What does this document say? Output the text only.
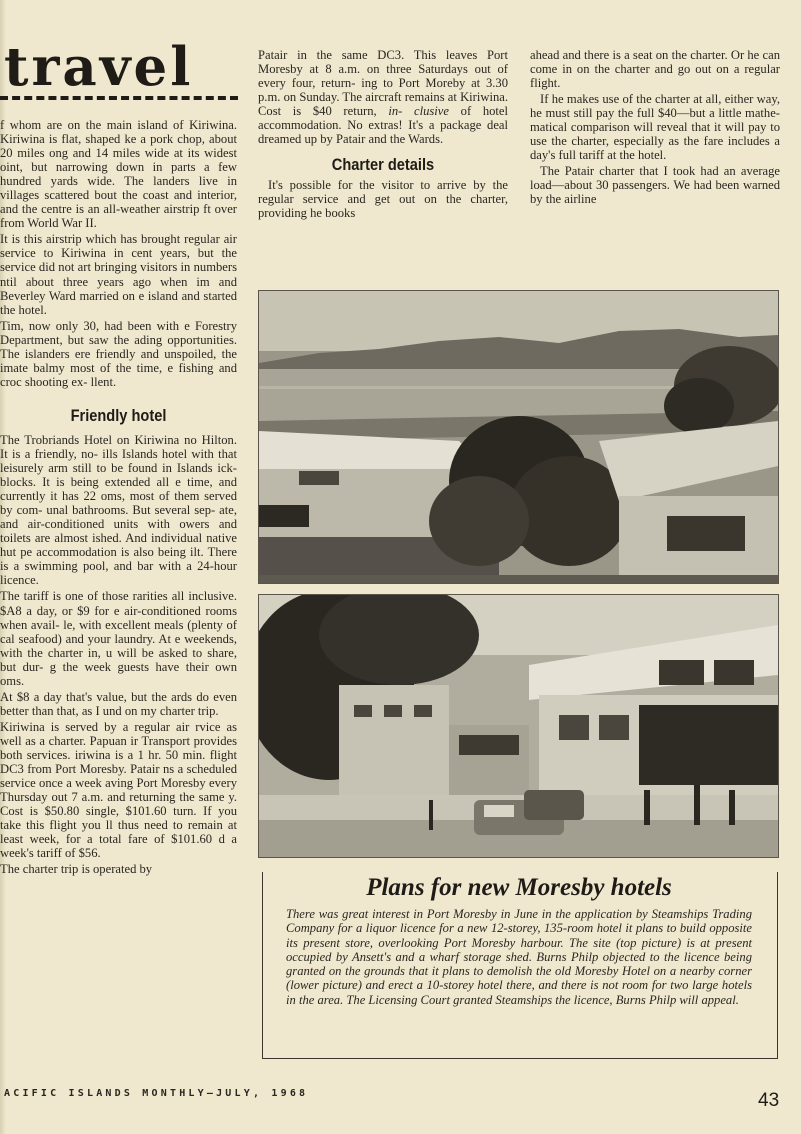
travel

f whom are on the main island of Kiriwina. Kiriwina is flat, shaped ke a pork chop, about 20 miles ong and 14 miles wide at its widest oint, but narrowing down in parts a few hundred yards wide. The landers live in villages scattered bout the coast and interior, and the centre is an all-weather airstrip ft over from World War II.

It is this airstrip which has brought regular air service to Kiriwina in cent years, but the service did not art bringing visitors in numbers ntil about three years ago when im and Beverley Ward married on e island and started the hotel.

Tim, now only 30, had been with e Forestry Department, but saw the ading opportunities. The islanders ere friendly and unspoiled, the imate balmy most of the time, e fishing and croc shooting ex- llent.

Friendly hotel

The Trobriands Hotel on Kiriwina no Hilton. It is a friendly, no- ills Islands hotel with that leisurely arm still to be found in Islands ick-blocks. It is being extended all e time, and currently it has 22 oms, most of them served by com- unal bathrooms. But several sep- ate, and air-conditioned units with owers and toilets are almost ished. And individual native hut pe accommodation is also being ilt. There is a swimming pool, and bar with a 24-hour licence.

The tariff is one of those rarities all inclusive. $A8 a day, or $9 for e air-conditioned rooms when avail- le, with excellent meals (plenty of cal seafood) and your laundry. At e weekends, with the charter in, u will be asked to share, but dur- g the week guests have their own oms.

At $8 a day that's value, but the ards do even better than that, as I und on my charter trip.

Kiriwina is served by a regular air rvice as well as a charter. Papuan ir Transport provides both services. iriwina is a 1 hr. 50 min. flight DC3 from Port Moresby. Patair ns a scheduled service once a week aving Port Moresby every Thursday out 7 a.m. and returning the same y. Cost is $50.80 single, $101.60 turn. If you take this flight you ll thus need to remain at least week, for a total fare of $101.60 d a week's tariff of $56.

The charter trip is operated by

Patair in the same DC3. This leaves Port Moresby at 8 a.m. on three Saturdays out of every four, return- ing to Port Moreby at 3.30 p.m. on Sunday. The aircraft remains at Kiriwina. Cost is $40 return, in- clusive of hotel accommodation. No extras! It's a package deal dreamed up by Patair and the Wards.

Charter details

It's possible for the visitor to arrive by the regular service and get out on the charter, providing he books

ahead and there is a seat on the charter. Or he can come in on the charter and go out on a regular flight.

If he makes use of the charter at all, either way, he must still pay the full $40—but a little mathe- matical comparison will reveal that it will pay to use the charter, especially as the fare includes a day's full tariff at the hotel.

The Patair charter that I took had an average load—about 30 passengers. We had been warned by the airline

Plans for new Moresby hotels
There was great interest in Port Moresby in June in the application by Steamships Trading Company for a liquor licence for a new 12-storey, 135-room hotel it plans to build opposite its present store, overlooking Port Moresby harbour. The site (top picture) is at present occupied by Ansett's and a wharf storage shed. Burns Philp objected to the licence being granted on the grounds that it plans to demolish the old Moresby Hotel on a nearby corner (lower picture) and erect a 10-storey hotel there, and there is not room for two large hotels in the area. The Licensing Court granted Steamships the licence, Burns Philp will appeal.
ACIFIC ISLANDS MONTHLY—JULY, 1968	43
